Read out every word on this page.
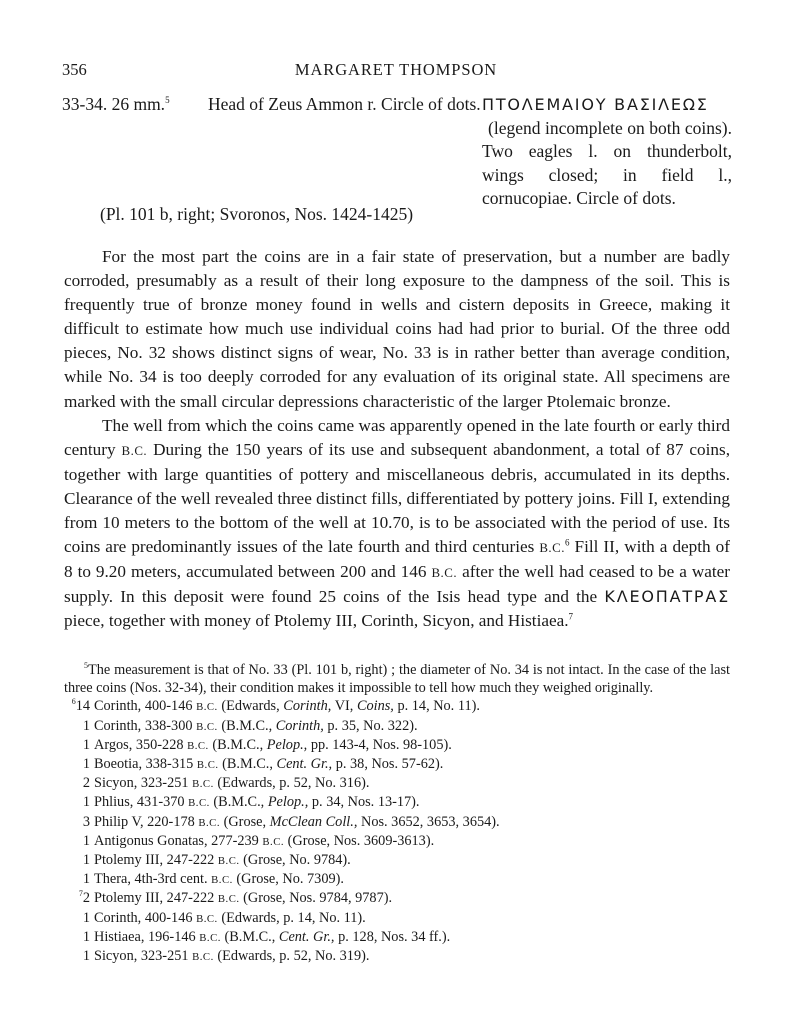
356	MARGARET THOMPSON
33-34. 26 mm.$^5$	Head of Zeus Ammon r. Circle of dots. ΠΤΟΛΕΜΑΙΟΥ ΒΑΣΙΛΕΩΣ
(legend incomplete on both coins). Two eagles l. on thunderbolt, wings closed; in field l., cornucopiae. Circle of dots.
(Pl. 101 b, right; Svoronos, Nos. 1424-1425)

For the most part the coins are in a fair state of preservation, but a number are badly corroded, presumably as a result of their long exposure to the dampness of the soil. This is frequently true of bronze money found in wells and cistern deposits in Greece, making it difficult to estimate how much use individual coins had had prior to burial. Of the three odd pieces, No. 32 shows distinct signs of wear, No. 33 is in rather better than average condition, while No. 34 is too deeply corroded for any evaluation of its original state. All specimens are marked with the small circular depressions characteristic of the larger Ptolemaic bronze.

The well from which the coins came was apparently opened in the late fourth or early third century B.C. During the 150 years of its use and subsequent abandonment, a total of 87 coins, together with large quantities of pottery and miscellaneous debris, accumulated in its depths. Clearance of the well revealed three distinct fills, differentiated by pottery joins. Fill I, extending from 10 meters to the bottom of the well at 10.70, is to be associated with the period of use. Its coins are predominantly issues of the late fourth and third centuries B.C.$^6$ Fill II, with a depth of 8 to 9.20 meters, accumulated between 200 and 146 B.C. after the well had ceased to be a water supply. In this deposit were found 25 coins of the Isis head type and the ΚΛΕΟΠΑΤΡΑΣ piece, together with money of Ptolemy III, Corinth, Sicyon, and Histiaea.$^7$

$^5$The measurement is that of No. 33 (Pl. 101 b, right) ; the diameter of No. 34 is not intact. In the case of the last three coins (Nos. 32-34), their condition makes it impossible to tell how much they weighed originally.
$^6$14 Corinth, 400-146 B.C. (Edwards, Corinth, VI, Coins, p. 14, No. 11).
1 Corinth, 338-300 B.C. (B.M.C., Corinth, p. 35, No. 322).
1 Argos, 350-228 B.C. (B.M.C., Pelop., pp. 143-4, Nos. 98-105).
1 Boeotia, 338-315 B.C. (B.M.C., Cent. Gr., p. 38, Nos. 57-62).
2 Sicyon, 323-251 B.C. (Edwards, p. 52, No. 316).
1 Phlius, 431-370 B.C. (B.M.C., Pelop., p. 34, Nos. 13-17).
3 Philip V, 220-178 B.C. (Grose, McClean Coll., Nos. 3652, 3653, 3654).
1 Antigonus Gonatas, 277-239 B.C. (Grose, Nos. 3609-3613).
1 Ptolemy III, 247-222 B.C. (Grose, No. 9784).
1 Thera, 4th-3rd cent. B.C. (Grose, No. 7309).
$^7$2 Ptolemy III, 247-222 B.C. (Grose, Nos. 9784, 9787).
1 Corinth, 400-146 B.C. (Edwards, p. 14, No. 11).
1 Histiaea, 196-146 B.C. (B.M.C., Cent. Gr., p. 128, Nos. 34 ff.).
1 Sicyon, 323-251 B.C. (Edwards, p. 52, No. 319).
